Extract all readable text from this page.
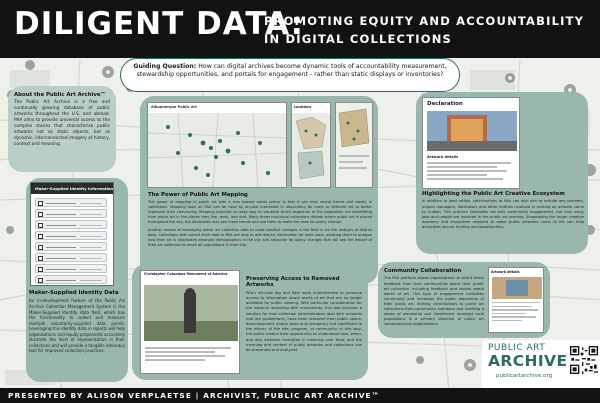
DILIGENT DATA:
PROMOTING EQUITY AND ACCOUNTABILITY
IN DIGITAL COLLECTIONS
Guiding Question: How can digital archives become dynamic tools of accountability measurement, stewardship opportunities, and portals for engagement - rather than static displays or inventories?
About the Public Art Archive™
The Public Art Archive is a free and continually growing database of public artworks throughout the U.S. and abroad. PAA aims to provide universal access to the complex stories that characterize public artworks not as static objects, but as dynamic, interconnected imagery of history, context and meaning.
Maker-Supplied Identity Information
Maker-Supplied Identity Data
An in-development feature of the Public Art Archive Collection Management System is the Maker-Supplied Identity data field, which has the functionality to collect and measure multiple voluntarily-supplied data points. Leveraging this identity data in reports will help organizations and equity proponents accurately illustrate the level of representation in their collections and will provide a tangible advocacy tool for improved collection practices.
Albuquerque Public Art	Locations
The Power of Public Art Mapping
The power of mapping in public art with a lens toward social justice is that it can help reveal trends and equity in collections. Mapping tools on PAA can be used by anyone interested in advocating for more or different art to better represent their community. Mapping provides an easy way to visualize which segments of the population are benefitting from public art in the places they live, work, and visit. Many times municipal collections dictate where public art is placed throughout the city, but advocates may see these trends and use them to make the case for policy change.
Another means of leveraging public art collection data to make positive changes in the field is via the analysis of district data. Collections that submit their data to PAA are able to add district information for each work, allowing them to analyze how their art is distributed amongst demographics in the city and advocate for policy changes that will see the impact of their art collection to reach all populations in their city.
Declaration
Artwork details
Highlighting the Public Art Creative Ecosystem
In addition to lead artists, contributions to PAA can also aim to include any partners, project managers, fabricators and other entities involved in making an artwork come to fruition. This practice illustrates not only community engagement, but how many jobs and people are involved in the public art process. Showcasing the larger creative economy and ecosystem required to make public artworks come to life can help advocates secure funding and opportunities.
Christopher Columbus Monument of America
Preserving Access to Removed Artworks
PAA's off-view tag and filter were implemented to preserve access to information about works of art that are no longer available for public viewing. With particular consideration for the national reckoning with monuments, this tool provides a solution for how collection administrators deal with artworks that are problematic, have been removed from public space, deaccessioned, and/or were only temporary but significant to the history of the site, program, or community. In this way, the public retains their opportunity to understand how, when, and why artworks transition in meaning over time, and the meaning and context of public artworks and collections can be preserved and analyzed.
Community Collaboration
The PAA platform allows organizations to solicit direct feedback from their communities about their public art collection, including feedback and stories about works of art. This type of engagement cultivates community and increases the public ownership of their public art. Inviting contributions to public art collections from community members and instilling a sense of ownership and investment amongst local populations is a primary directive of public art commissioning organizations.
Artwork details
PUBLIC ART
ARCHIVE
publicartarchive.org
PRESENTED BY ALISON VERPLAETSE | ARCHIVIST, PUBLIC ART ARCHIVE™
